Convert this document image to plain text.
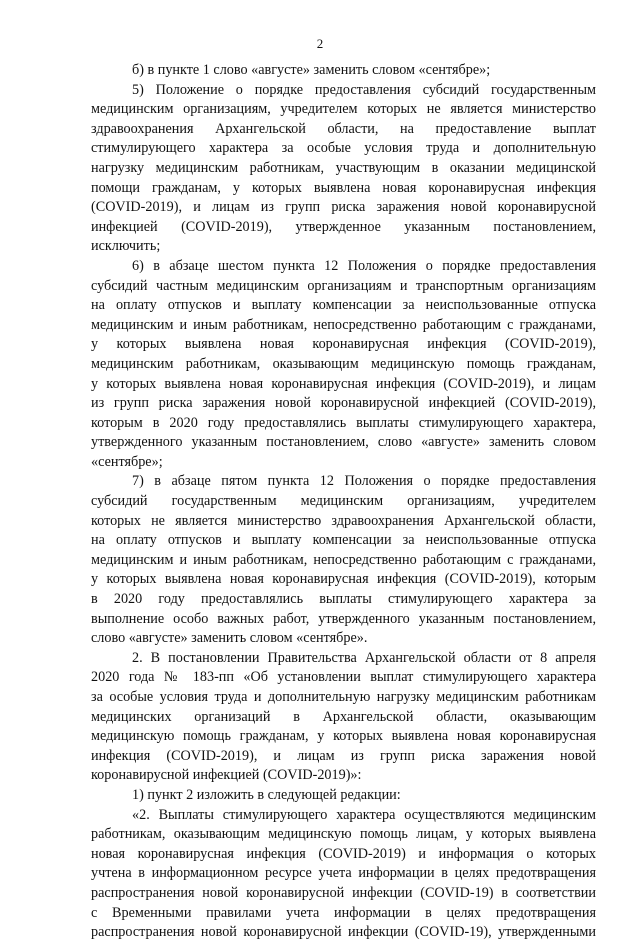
2
б) в пункте 1 слово «августе» заменить словом «сентябре»;
5) Положение о порядке предоставления субсидий государственным
медицинским организациям, учредителем которых не является министерство
здравоохранения Архангельской области, на предоставление выплат
стимулирующего характера за особые условия труда и дополнительную
нагрузку медицинским работникам, участвующим в оказании медицинской
помощи гражданам, у которых выявлена новая коронавирусная инфекция
(COVID-2019), и лицам из групп риска заражения новой коронавирусной
инфекцией (COVID-2019), утвержденное указанным постановлением,
исключить;
6) в абзаце шестом пункта 12 Положения о порядке предоставления
субсидий частным медицинским организациям и транспортным организациям
на оплату отпусков и выплату компенсации за неиспользованные отпуска
медицинским и иным работникам, непосредственно работающим с гражданами,
у которых выявлена новая коронавирусная инфекция (COVID-2019),
медицинским работникам, оказывающим медицинскую помощь гражданам,
у которых выявлена новая коронавирусная инфекция (COVID-2019), и лицам
из групп риска заражения новой коронавирусной инфекцией (COVID-2019),
которым в 2020 году предоставлялись выплаты стимулирующего характера,
утвержденного указанным постановлением, слово «августе» заменить словом
«сентябре»;
7) в абзаце пятом пункта 12 Положения о порядке предоставления
субсидий государственным медицинским организациям, учредителем
которых не является министерство здравоохранения Архангельской области,
на оплату отпусков и выплату компенсации за неиспользованные отпуска
медицинским и иным работникам, непосредственно работающим с гражданами,
у которых выявлена новая коронавирусная инфекция (COVID-2019), которым
в 2020 году предоставлялись выплаты стимулирующего характера за
выполнение особо важных работ, утвержденного указанным постановлением,
слово «августе» заменить словом «сентябре».
2. В постановлении Правительства Архангельской области от 8 апреля
2020 года № 183-пп «Об установлении выплат стимулирующего характера
за особые условия труда и дополнительную нагрузку медицинским работникам
медицинских организаций в Архангельской области, оказывающим
медицинскую помощь гражданам, у которых выявлена новая коронавирусная
инфекция (COVID-2019), и лицам из групп риска заражения новой
коронавирусной инфекцией (COVID-2019)»:
1) пункт 2 изложить в следующей редакции:
«2. Выплаты стимулирующего характера осуществляются медицинским
работникам, оказывающим медицинскую помощь лицам, у которых выявлена
новая коронавирусная инфекция (COVID-2019) и информация о которых
учтена в информационном ресурсе учета информации в целях предотвращения
распространения новой коронавирусной инфекции (COVID-19) в соответствии
с Временными правилами учета информации в целях предотвращения
распространения новой коронавирусной инфекции (COVID-19), утвержденными
